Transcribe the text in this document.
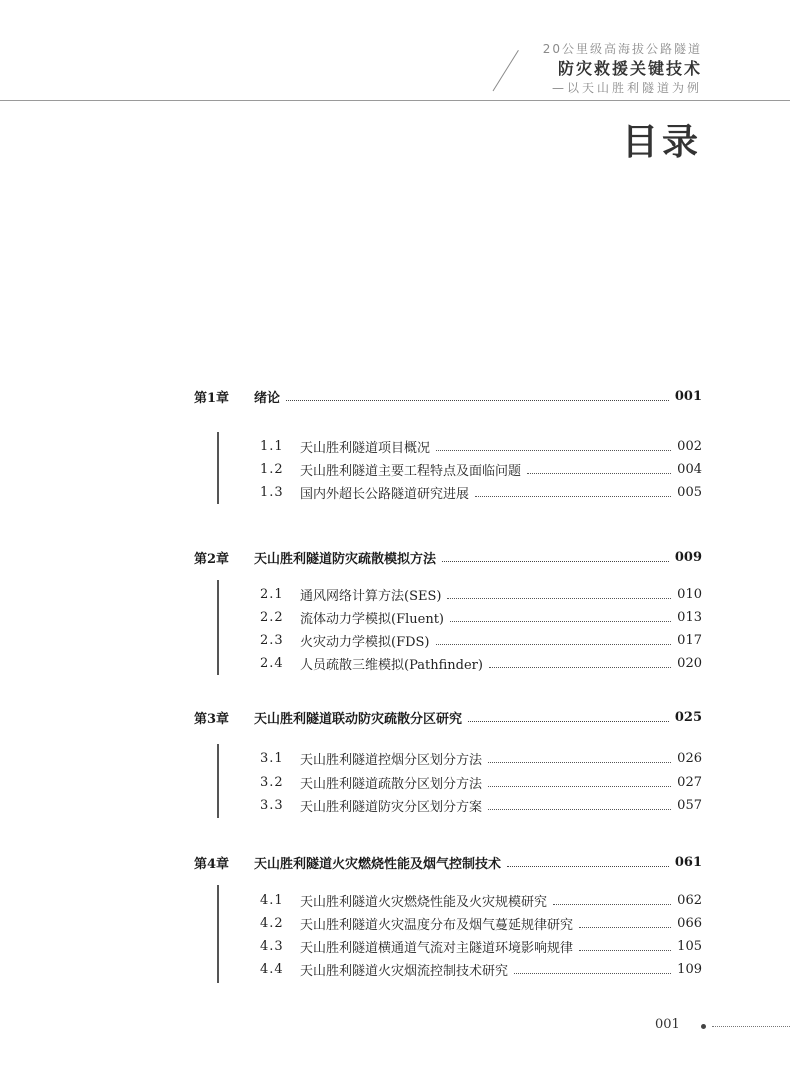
20公里级高海拔公路隧道
防灾救援关键技术
—以天山胜利隧道为例
目录
第1章	绪论	001
1.1	天山胜利隧道项目概况	002
1.2	天山胜利隧道主要工程特点及面临问题	004
1.3	国内外超长公路隧道研究进展	005
第2章	天山胜利隧道防灾疏散模拟方法	009
2.1	通风网络计算方法(SES)	010
2.2	流体动力学模拟(Fluent)	013
2.3	火灾动力学模拟(FDS)	017
2.4	人员疏散三维模拟(Pathfinder)	020
第3章	天山胜利隧道联动防灾疏散分区研究	025
3.1	天山胜利隧道控烟分区划分方法	026
3.2	天山胜利隧道疏散分区划分方法	027
3.3	天山胜利隧道防灾分区划分方案	057
第4章	天山胜利隧道火灾燃烧性能及烟气控制技术	061
4.1	天山胜利隧道火灾燃烧性能及火灾规模研究	062
4.2	天山胜利隧道火灾温度分布及烟气蔓延规律研究	066
4.3	天山胜利隧道横通道气流对主隧道环境影响规律	105
4.4	天山胜利隧道火灾烟流控制技术研究	109
001
